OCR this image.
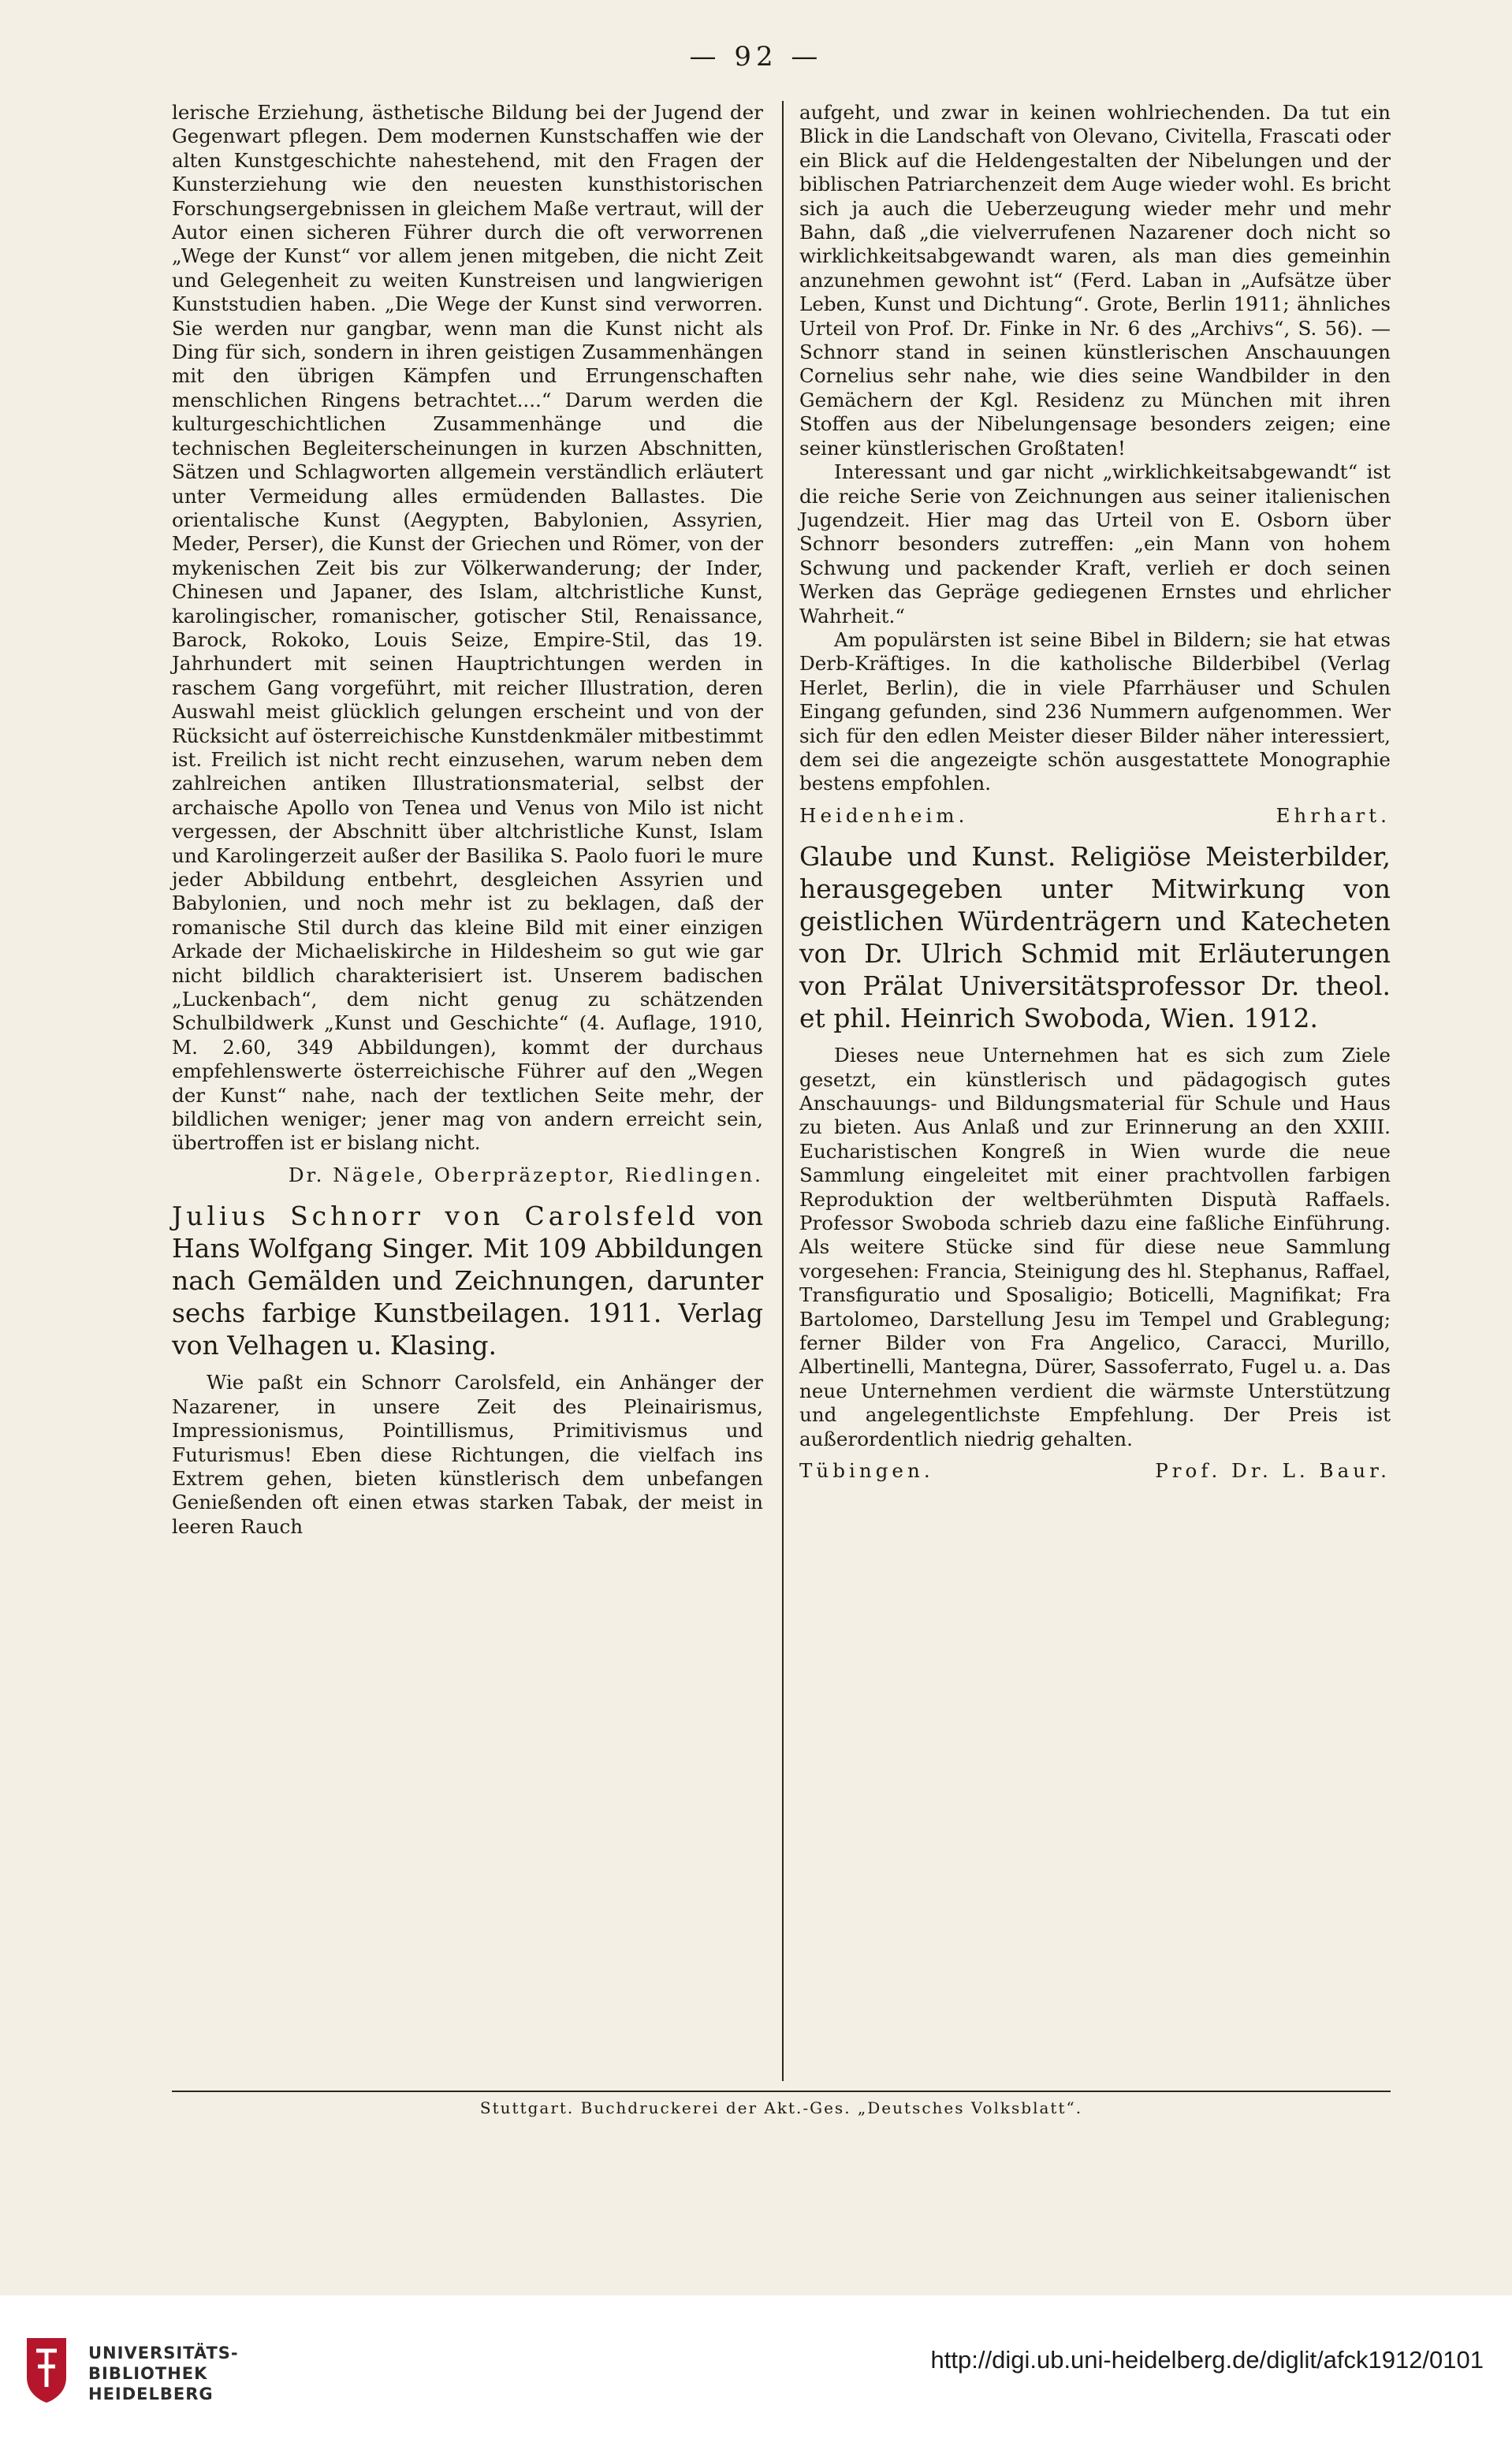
— 92 —

lerische Erziehung, ästhetische Bildung bei der Jugend der Gegenwart pflegen. Dem modernen Kunstschaffen wie der alten Kunstgeschichte nahestehend, mit den Fragen der Kunsterziehung wie den neuesten kunsthistorischen Forschungsergebnissen in gleichem Maße vertraut, will der Autor einen sicheren Führer durch die oft verworrenen „Wege der Kunst“ vor allem jenen mitgeben, die nicht Zeit und Gelegenheit zu weiten Kunstreisen und langwierigen Kunststudien haben. „Die Wege der Kunst sind verworren. Sie werden nur gangbar, wenn man die Kunst nicht als Ding für sich, sondern in ihren geistigen Zusammenhängen mit den übrigen Kämpfen und Errungenschaften menschlichen Ringens betrachtet....“ Darum werden die kulturgeschichtlichen Zusammenhänge und die technischen Begleiterscheinungen in kurzen Abschnitten, Sätzen und Schlagworten allgemein verständlich erläutert unter Vermeidung alles ermüdenden Ballastes. Die orientalische Kunst (Aegypten, Babylonien, Assyrien, Meder, Perser), die Kunst der Griechen und Römer, von der mykenischen Zeit bis zur Völkerwanderung; der Inder, Chinesen und Japaner, des Islam, altchristliche Kunst, karolingischer, romanischer, gotischer Stil, Renaissance, Barock, Rokoko, Louis Seize, Empire-Stil, das 19. Jahrhundert mit seinen Hauptrichtungen werden in raschem Gang vorgeführt, mit reicher Illustration, deren Auswahl meist glücklich gelungen erscheint und von der Rücksicht auf österreichische Kunstdenkmäler mitbestimmt ist. Freilich ist nicht recht einzusehen, warum neben dem zahlreichen antiken Illustrationsmaterial, selbst der archaische Apollo von Tenea und Venus von Milo ist nicht vergessen, der Abschnitt über altchristliche Kunst, Islam und Karolingerzeit außer der Basilika S. Paolo fuori le mure jeder Abbildung entbehrt, desgleichen Assyrien und Babylonien, und noch mehr ist zu beklagen, daß der romanische Stil durch das kleine Bild mit einer einzigen Arkade der Michaeliskirche in Hildesheim so gut wie gar nicht bildlich charakterisiert ist. Unserem badischen „Luckenbach“, dem nicht genug zu schätzenden Schulbildwerk „Kunst und Geschichte“ (4. Auflage, 1910, M. 2.60, 349 Abbildungen), kommt der durchaus empfehlenswerte österreichische Führer auf den „Wegen der Kunst“ nahe, nach der textlichen Seite mehr, der bildlichen weniger; jener mag von andern erreicht sein, übertroffen ist er bislang nicht.

Dr. Nägele, Oberpräzeptor, Riedlingen.
Julius Schnorr von Carolsfeld von Hans Wolfgang Singer. Mit 109 Abbildungen nach Gemälden und Zeichnungen, darunter sechs farbige Kunstbeilagen. 1911. Verlag von Velhagen u. Klasing.

Wie paßt ein Schnorr Carolsfeld, ein Anhänger der Nazarener, in unsere Zeit des Pleinairismus, Impressionismus, Pointillismus, Primitivismus und Futurismus! Eben diese Richtungen, die vielfach ins Extrem gehen, bieten künstlerisch dem unbefangen Genießenden oft einen etwas starken Tabak, der meist in leeren Rauch

aufgeht, und zwar in keinen wohlriechenden. Da tut ein Blick in die Landschaft von Olevano, Civitella, Frascati oder ein Blick auf die Heldengestalten der Nibelungen und der biblischen Patriarchenzeit dem Auge wieder wohl. Es bricht sich ja auch die Ueberzeugung wieder mehr und mehr Bahn, daß „die vielverrufenen Nazarener doch nicht so wirklichkeitsabgewandt waren, als man dies gemeinhin anzunehmen gewohnt ist“ (Ferd. Laban in „Aufsätze über Leben, Kunst und Dichtung“. Grote, Berlin 1911; ähnliches Urteil von Prof. Dr. Finke in Nr. 6 des „Archivs“, S. 56). — Schnorr stand in seinen künstlerischen Anschauungen Cornelius sehr nahe, wie dies seine Wandbilder in den Gemächern der Kgl. Residenz zu München mit ihren Stoffen aus der Nibelungensage besonders zeigen; eine seiner künstlerischen Großtaten!

Interessant und gar nicht „wirklichkeitsabgewandt“ ist die reiche Serie von Zeichnungen aus seiner italienischen Jugendzeit. Hier mag das Urteil von E. Osborn über Schnorr besonders zutreffen: „ein Mann von hohem Schwung und packender Kraft, verlieh er doch seinen Werken das Gepräge gediegenen Ernstes und ehrlicher Wahrheit.“

Am populärsten ist seine Bibel in Bildern; sie hat etwas Derb-Kräftiges. In die katholische Bilderbibel (Verlag Herlet, Berlin), die in viele Pfarrhäuser und Schulen Eingang gefunden, sind 236 Nummern aufgenommen. Wer sich für den edlen Meister dieser Bilder näher interessiert, dem sei die angezeigte schön ausgestattete Monographie bestens empfohlen.

Heidenheim.	Ehrhart.
Glaube und Kunst. Religiöse Meisterbilder, herausgegeben unter Mitwirkung von geistlichen Würdenträgern und Katecheten von Dr. Ulrich Schmid mit Erläuterungen von Prälat Universitätsprofessor Dr. theol. et phil. Heinrich Swoboda, Wien. 1912.

Dieses neue Unternehmen hat es sich zum Ziele gesetzt, ein künstlerisch und pädagogisch gutes Anschauungs- und Bildungsmaterial für Schule und Haus zu bieten. Aus Anlaß und zur Erinnerung an den XXIII. Eucharistischen Kongreß in Wien wurde die neue Sammlung eingeleitet mit einer prachtvollen farbigen Reproduktion der weltberühmten Disputà Raffaels. Professor Swoboda schrieb dazu eine faßliche Einführung. Als weitere Stücke sind für diese neue Sammlung vorgesehen: Francia, Steinigung des hl. Stephanus, Raffael, Transfiguratio und Sposaligio; Boticelli, Magnifikat; Fra Bartolomeo, Darstellung Jesu im Tempel und Grablegung; ferner Bilder von Fra Angelico, Caracci, Murillo, Albertinelli, Mantegna, Dürer, Sassoferrato, Fugel u. a. Das neue Unternehmen verdient die wärmste Unterstützung und angelegentlichste Empfehlung. Der Preis ist außerordentlich niedrig gehalten.

Tübingen.	Prof. Dr. L. Baur.
Stuttgart. Buchdruckerei der Akt.-Ges. „Deutsches Volksblatt“.
UNIVERSITÄTS-
BIBLIOTHEK
HEIDELBERG
http://digi.ub.uni-heidelberg.de/diglit/afck1912/0101
